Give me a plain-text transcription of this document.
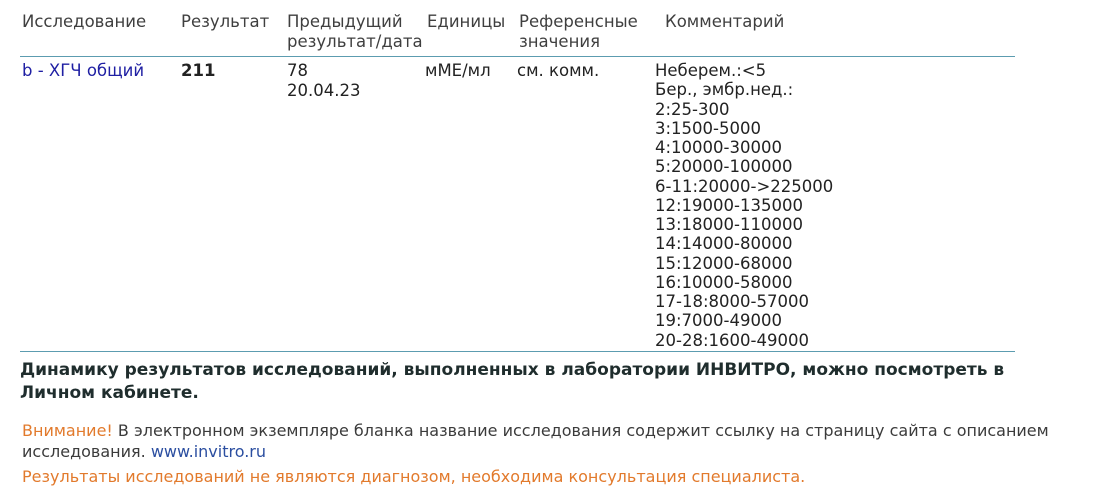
Исследование Результат Предыдущий
результат/дата
Единицы Референсные
значения
Комментарий
b - ХГЧ общий 211	78
20.04.23
мМЕ/мл см. комм.	Неберем.:<5
Бер., эмбр.нед.:
2:25-300
3:1500-5000
4:10000-30000
5:20000-100000
6-11:20000->225000
12:19000-135000
13:18000-110000
14:14000-80000
15:12000-68000
16:10000-58000
17-18:8000-57000
19:7000-49000
20-28:1600-49000
Динамику результатов исследований, выполненных в лаборатории ИНВИТРО, можно посмотреть в Личном кабинете.
Внимание! В электронном экземпляре бланка название исследования содержит ссылку на страницу сайта с описанием исследования. www.invitro.ru
Результаты исследований не являются диагнозом, необходима консультация специалиста.
